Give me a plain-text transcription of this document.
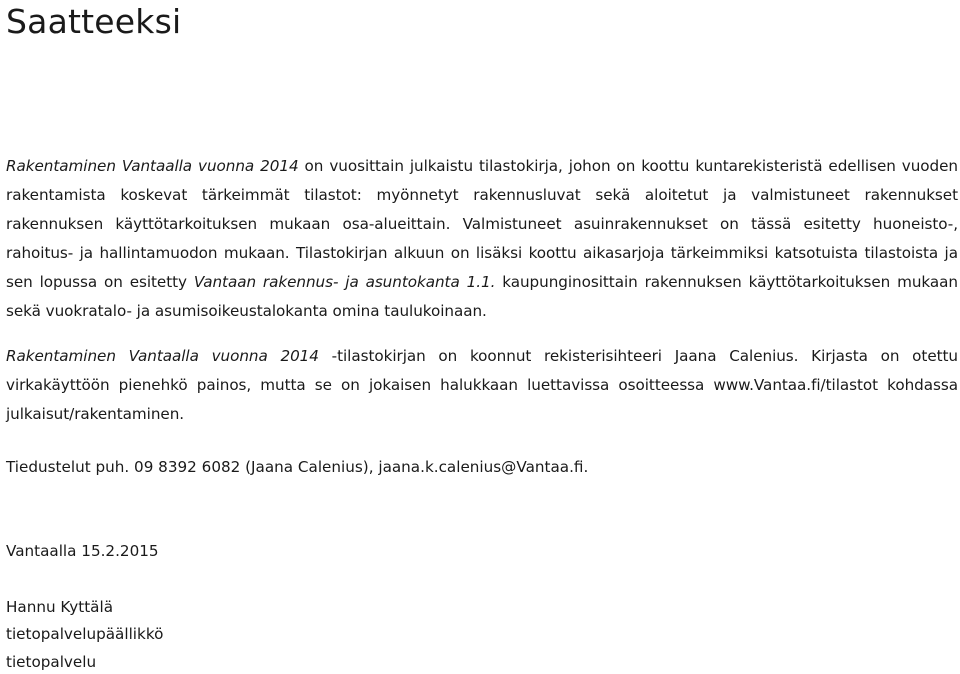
Saatteeksi

Rakentaminen Vantaalla vuonna 2014 on vuosittain julkaistu tilastokirja, johon on koottu kuntarekisteristä edellisen vuoden rakentamista koskevat tärkeimmät tilastot: myönnetyt rakennusluvat sekä aloitetut ja valmistuneet rakennukset rakennuksen käyttötarkoituksen mukaan osa-alueittain. Valmistuneet asuinrakennukset on tässä esitetty huoneisto-, rahoitus- ja hallintamuodon mukaan. Tilastokirjan alkuun on lisäksi koottu aikasarjoja tärkeimmiksi katsotuista tilastoista ja sen lopussa on esitetty Vantaan rakennus- ja asuntokanta 1.1. kaupunginosittain rakennuksen käyttötarkoituksen mukaan sekä vuokratalo- ja asumisoikeustalokanta omina taulukoinaan.

Rakentaminen Vantaalla vuonna 2014 -tilastokirjan on koonnut rekisterisihteeri Jaana Calenius. Kirjasta on otettu virkakäyttöön pienehkö painos, mutta se on jokaisen halukkaan luettavissa osoitteessa www.Vantaa.fi/tilastot kohdassa julkaisut/rakentaminen.

Tiedustelut puh. 09 8392 6082 (Jaana Calenius), jaana.k.calenius@Vantaa.fi.
Vantaalla 15.2.2015
Hannu Kyttälä
tietopalvelupäällikkö
tietopalvelu
